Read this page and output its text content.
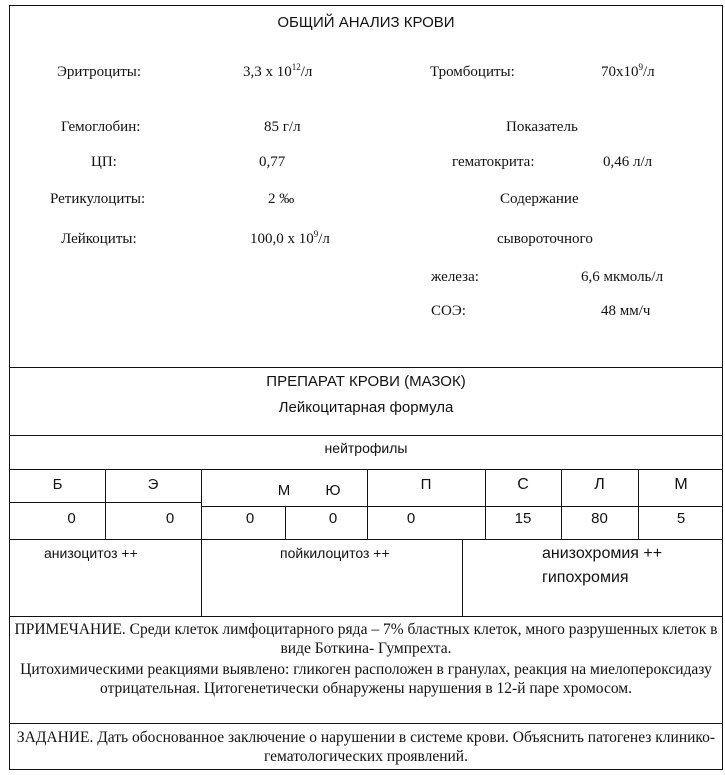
ОБЩИЙ АНАЛИЗ КРОВИ
Эритроциты:	3,3 х $10^{12}/л$	Тромбоциты:	$70х10^9/л$
Гемоглобин:	85 г/л	Показатель
ЦП:	0,77	гематокрита:	0,46 л/л
Ретикулоциты:	2 ‰	Содержание
Лейкоциты:	100,0 х $10^9/л$	сывороточного
железа:	6,6 мкмоль/л
СОЭ:	48 мм/ч
ПРЕПАРАТ КРОВИ (МАЗОК)
Лейкоцитарная формула
нейтрофилы
Б	Э	М	Ю	П	С	Л	М
0	0	0	0	0	15	80	5
анизоцитоз ++	пойкилоцитоз ++	анизохромия ++
гипохромия
ПРИМЕЧАНИЕ. Среди клеток лимфоцитарного ряда – 7% бластных клеток, много разрушенных клеток в виде Боткина- Гумпрехта.
Цитохимическими реакциями выявлено: гликоген расположен в гранулах, реакция на миелопероксидазу отрицательная. Цитогенетически обнаружены нарушения в 12-й паре хромосом.
ЗАДАНИЕ. Дать обоснованное заключение о нарушении в системе крови. Объяснить патогенез клинико-гематологических проявлений.
